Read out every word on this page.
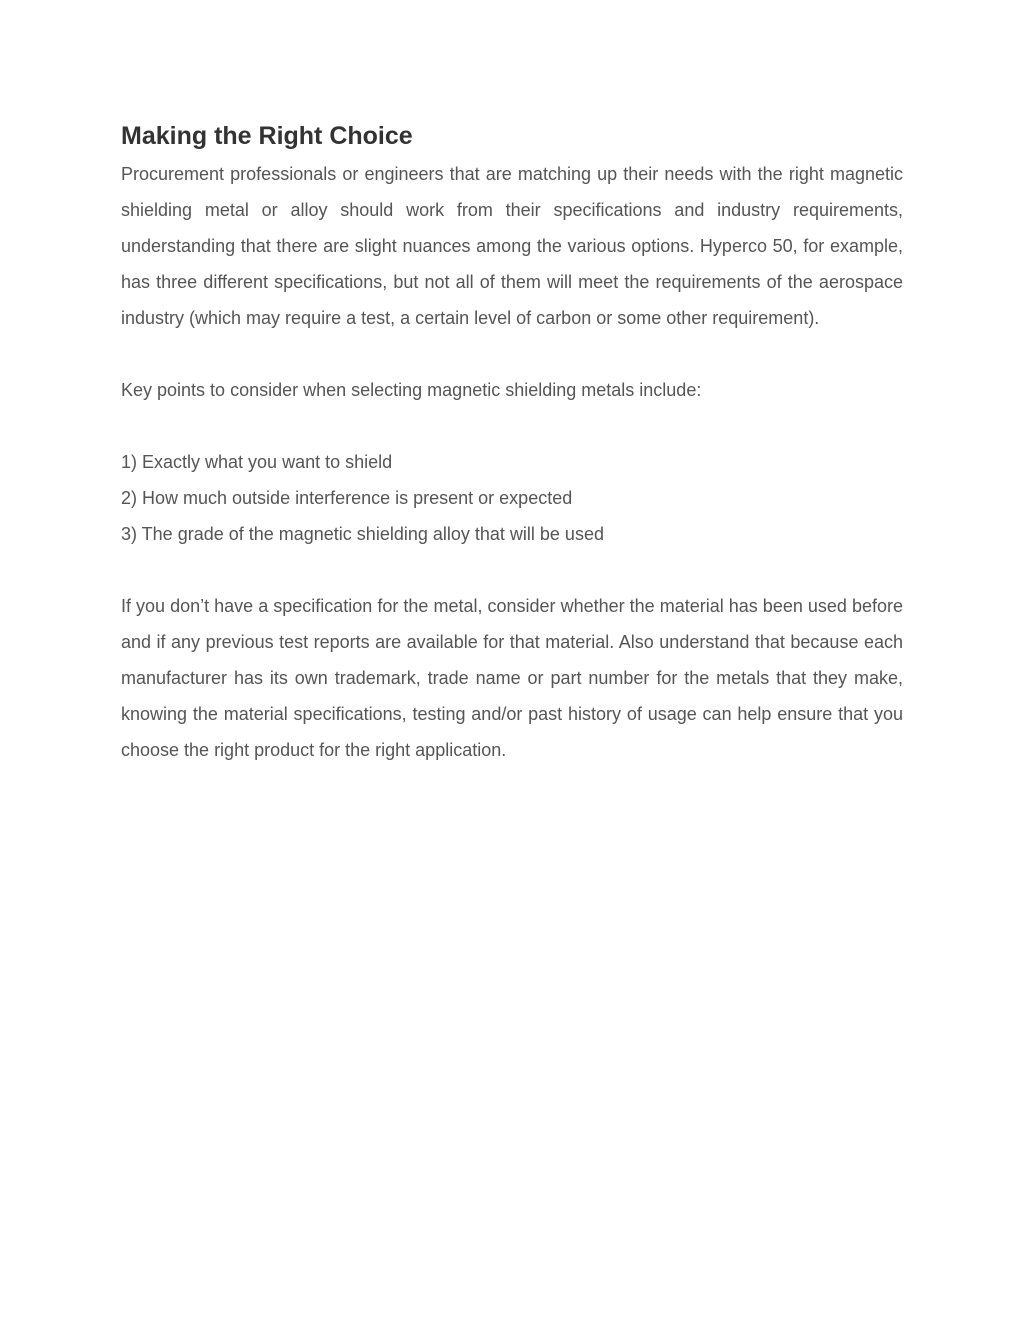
Making the Right Choice

Procurement professionals or engineers that are matching up their needs with the right magnetic shielding metal or alloy should work from their specifications and industry requirements, understanding that there are slight nuances among the various options. Hyperco 50, for example, has three different specifications, but not all of them will meet the requirements of the aerospace industry (which may require a test, a certain level of carbon or some other requirement).

Key points to consider when selecting magnetic shielding metals include:

1) Exactly what you want to shield
2) How much outside interference is present or expected
3) The grade of the magnetic shielding alloy that will be used

If you don’t have a specification for the metal, consider whether the material has been used before and if any previous test reports are available for that material. Also understand that because each manufacturer has its own trademark, trade name or part number for the metals that they make, knowing the material specifications, testing and/or past history of usage can help ensure that you choose the right product for the right application.
